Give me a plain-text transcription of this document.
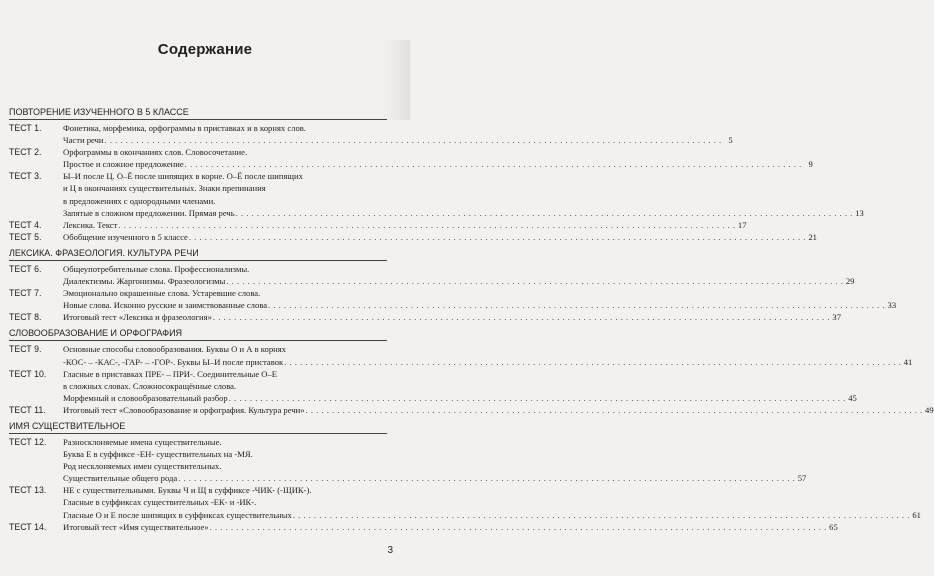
Содержание
ПОВТОРЕНИЕ ИЗУЧЕННОГО В 5 КЛАССЕ
ТЕСТ 1.	Фонетика, морфемика, орфограммы в приставках и в корнях слов.
Части речи . . .	5
ТЕСТ 2.	Орфограммы в окончаниях слов. Словосочетание.
Простое и сложное предложение . . .	9
ТЕСТ 3.	Ы–И после Ц. О–Ё после шипящих в корне. О–Ё после шипящих
и Ц в окончаниях существительных. Знаки препинания
в предложениях с однородными членами.
Запятые в сложном предложении. Прямая речь . . .	13
ТЕСТ 4.	Лексика. Текст . . .	17
ТЕСТ 5.	Обобщение изученного в 5 классе . . .	21
ЛЕКСИКА. ФРАЗЕОЛОГИЯ. КУЛЬТУРА РЕЧИ
ТЕСТ 6.	Общеупотребительные слова. Профессионализмы.
Диалектизмы. Жаргонизмы. Фразеологизмы . . .	29
ТЕСТ 7.	Эмоционально окрашенные слова. Устаревшие слова.
Новые слова. Исконно русские и заимствованные слова . . .	33
ТЕСТ 8.	Итоговый тест «Лексика и фразеология» . . .	37
СЛОВООБРАЗОВАНИЕ И ОРФОГРАФИЯ
ТЕСТ 9.	Основные способы словообразования. Буквы О и А в корнях
-КОС- – -КАС-, -ГАР- – -ГОР-. Буквы Ы–И после приставок . . .	41
ТЕСТ 10.	Гласные в приставках ПРЕ- – ПРИ-. Соединительные О–Е
в сложных словах. Сложносокращённые слова.
Морфемный и словообразовательный разбор . . .	45
ТЕСТ 11.	Итоговый тест «Словообразование и орфография. Культура речи» . . .	49
ИМЯ СУЩЕСТВИТЕЛЬНОЕ
ТЕСТ 12.	Разносклоняемые имена существительные.
Буква Е в суффиксе -ЕН- существительных на -МЯ.
Род несклоняемых имен существительных.
Существительные общего рода . . .	57
ТЕСТ 13.	НЕ с существительными. Буквы Ч и Щ в суффиксе -ЧИК- (-ЩИК-).
Гласные в суффиксах существительных -ЕК- и -ИК-.
Гласные О и Е после шипящих в суффиксах существительных . . .	61
ТЕСТ 14.	Итоговый тест «Имя существительное» . . .	65
3
